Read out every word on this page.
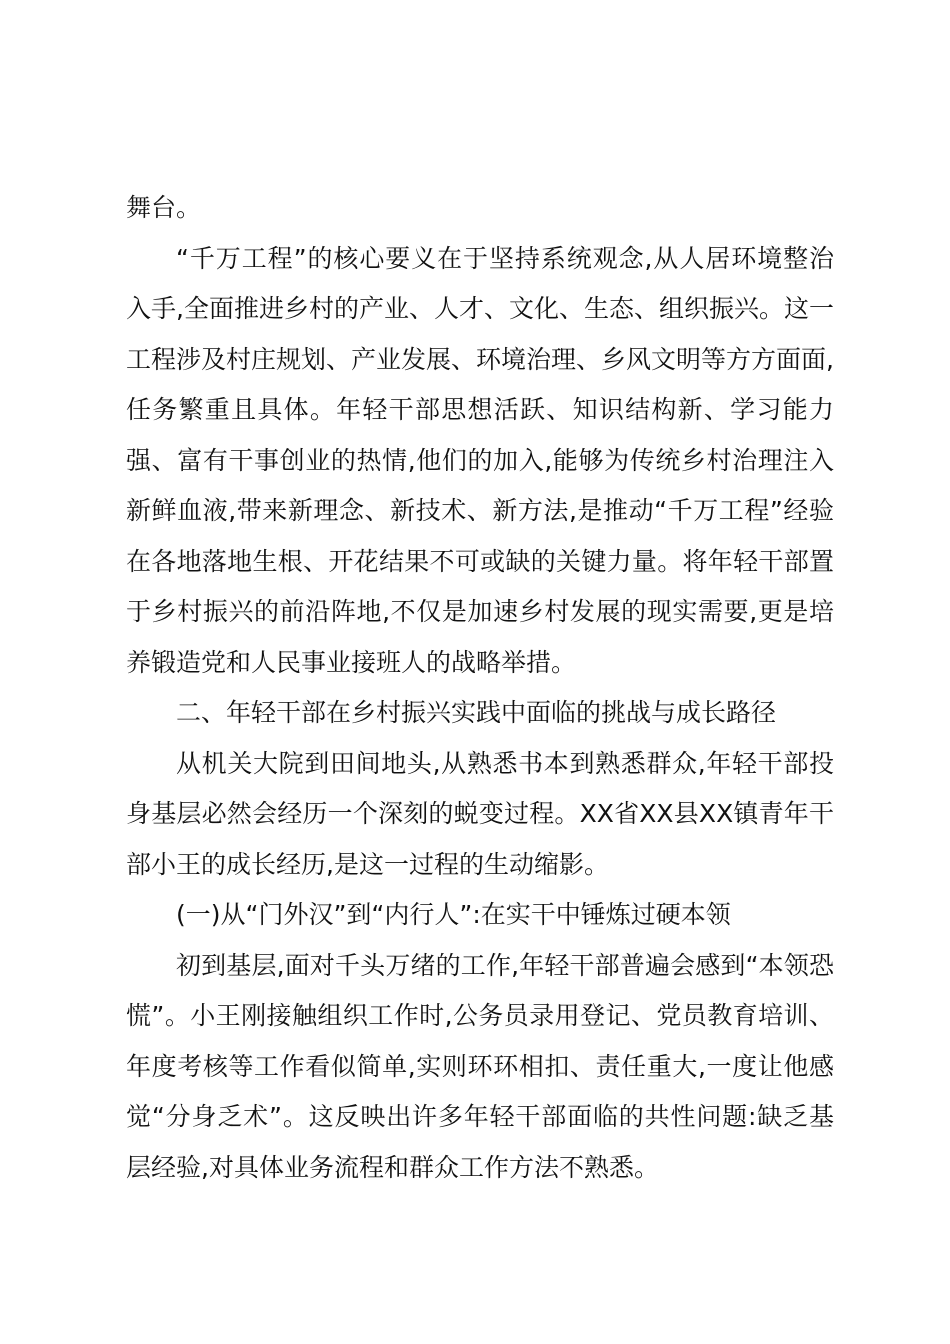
舞台。

“千万工程”的核心要义在于坚持系统观念,从人居环境整治入手,全面推进乡村的产业、人才、文化、生态、组织振兴。这一工程涉及村庄规划、产业发展、环境治理、乡风文明等方方面面,任务繁重且具体。年轻干部思想活跃、知识结构新、学习能力强、富有干事创业的热情,他们的加入,能够为传统乡村治理注入新鲜血液,带来新理念、新技术、新方法,是推动“千万工程”经验在各地落地生根、开花结果不可或缺的关键力量。将年轻干部置于乡村振兴的前沿阵地,不仅是加速乡村发展的现实需要,更是培养锻造党和人民事业接班人的战略举措。

二、年轻干部在乡村振兴实践中面临的挑战与成长路径

从机关大院到田间地头,从熟悉书本到熟悉群众,年轻干部投身基层必然会经历一个深刻的蜕变过程。XX省XX县XX镇青年干部小王的成长经历,是这一过程的生动缩影。

(一)从“门外汉”到“内行人”:在实干中锤炼过硬本领

初到基层,面对千头万绪的工作,年轻干部普遍会感到“本领恐慌”。小王刚接触组织工作时,公务员录用登记、党员教育培训、年度考核等工作看似简单,实则环环相扣、责任重大,一度让他感觉“分身乏术”。这反映出许多年轻干部面临的共性问题:缺乏基层经验,对具体业务流程和群众工作方法不熟悉。
